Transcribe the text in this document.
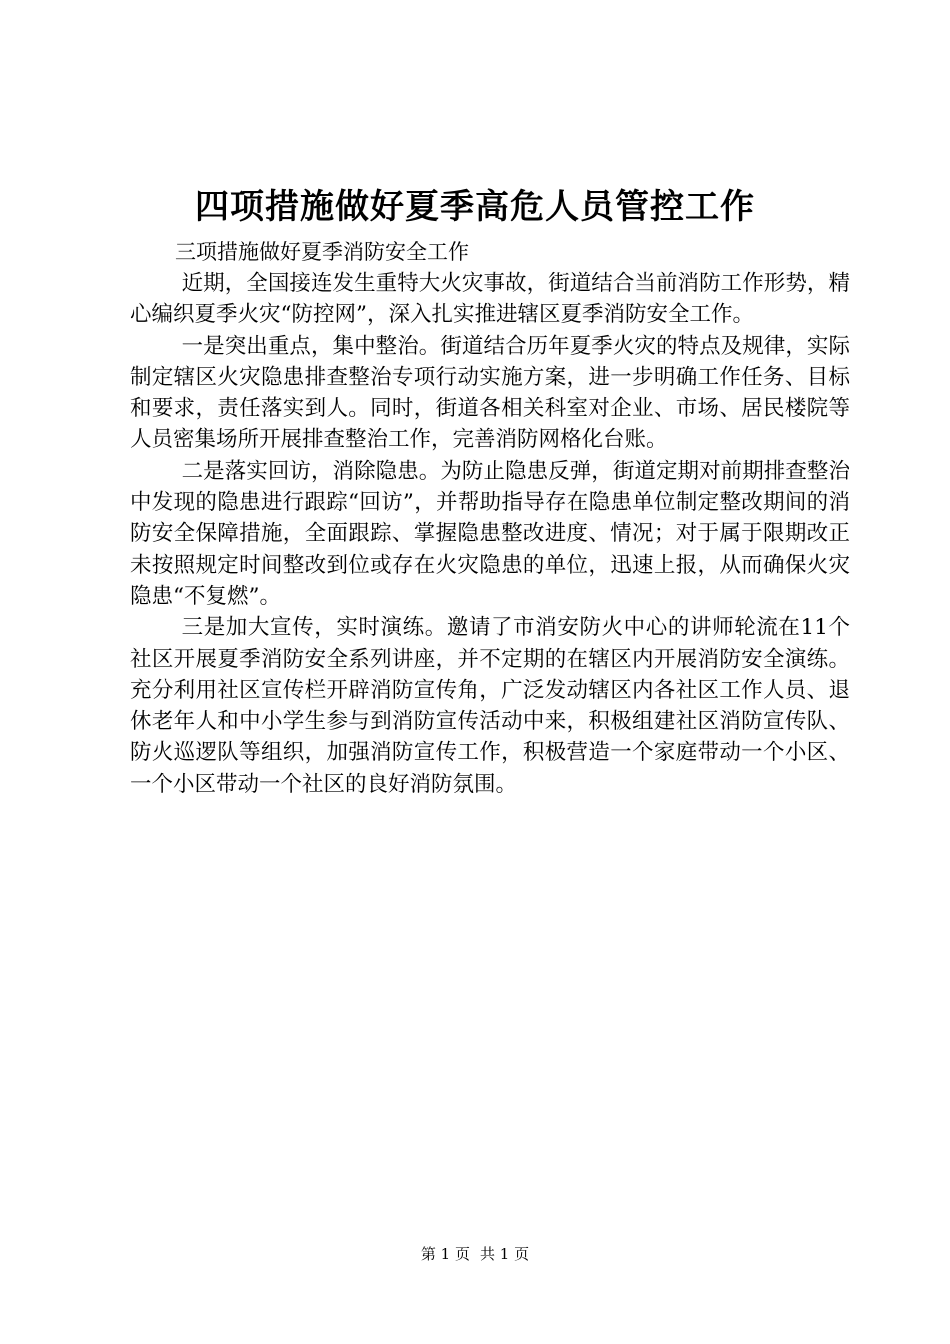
四项措施做好夏季高危人员管控工作

三项措施做好夏季消防安全工作

近期，全国接连发生重特大火灾事故，街道结合当前消防工作形势，精心编织夏季火灾“防控网”，深入扎实推进辖区夏季消防安全工作。

一是突出重点，集中整治。街道结合历年夏季火灾的特点及规律，实际制定辖区火灾隐患排查整治专项行动实施方案，进一步明确工作任务、目标和要求，责任落实到人。同时，街道各相关科室对企业、市场、居民楼院等人员密集场所开展排查整治工作，完善消防网格化台账。

二是落实回访，消除隐患。为防止隐患反弹，街道定期对前期排查整治中发现的隐患进行跟踪“回访”，并帮助指导存在隐患单位制定整改期间的消防安全保障措施，全面跟踪、掌握隐患整改进度、情况；对于属于限期改正未按照规定时间整改到位或存在火灾隐患的单位，迅速上报，从而确保火灾隐患“不复燃”。

三是加大宣传，实时演练。邀请了市消安防火中心的讲师轮流在11个社区开展夏季消防安全系列讲座，并不定期的在辖区内开展消防安全演练。充分利用社区宣传栏开辟消防宣传角，广泛发动辖区内各社区工作人员、退休老年人和中小学生参与到消防宣传活动中来，积极组建社区消防宣传队、防火巡逻队等组织，加强消防宣传工作，积极营造一个家庭带动一个小区、一个小区带动一个社区的良好消防氛围。

第 1 页 共 1 页
